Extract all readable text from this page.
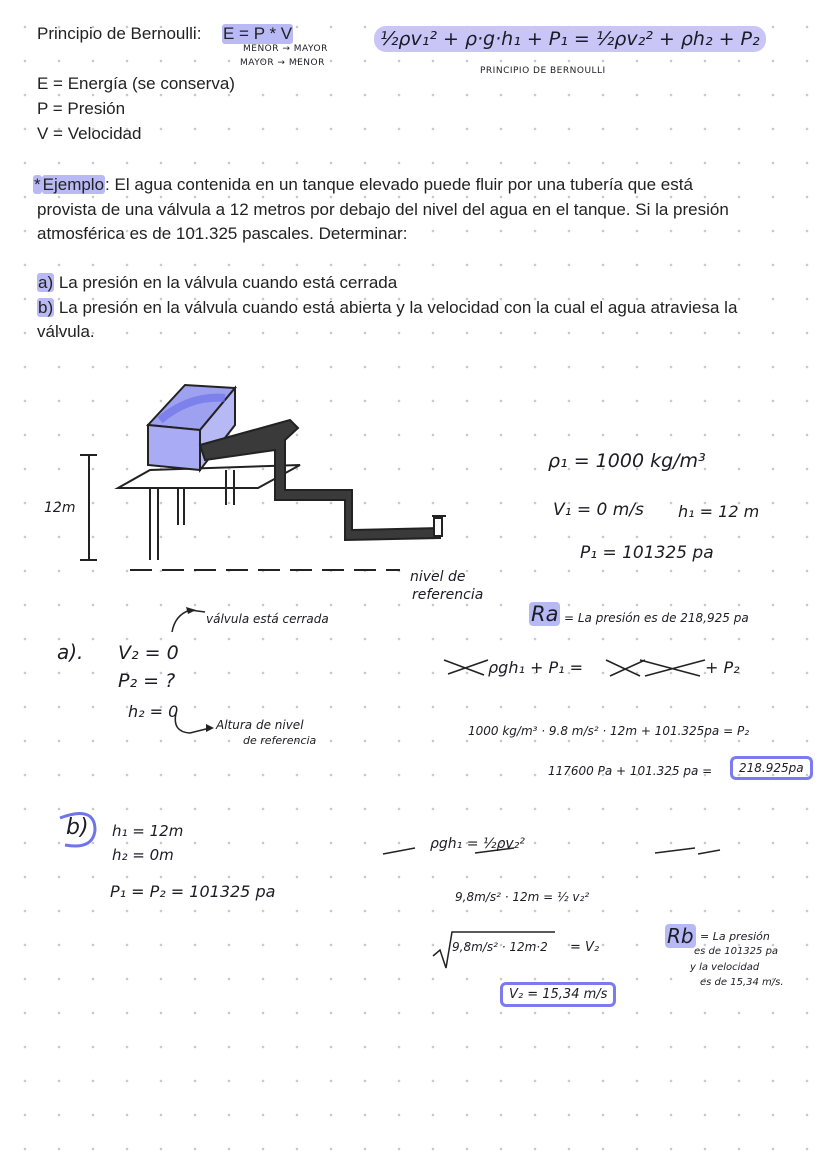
Principio de Bernoulli: E = P * V
MENOR → MAYOR
MAYOR → MENOR
½ρv₁² + ρ·g·h₁ + P₁ = ½ρv₂² + ρh₂ + P₂
PRINCIPIO DE BERNOULLI
E = Energía (se conserva)
P = Presión
V = Velocidad
* Ejemplo: El agua contenida en un tanque elevado puede fluir por una tubería que está
provista de una válvula a 12 metros por debajo del nivel del agua en el tanque. Si la presión
atmosférica es de 101.325 pascales. Determinar:
a) La presión en la válvula cuando está cerrada
b) La presión en la válvula cuando está abierta y la velocidad con la cual el agua atraviesa la
válvula.
12m
nivel de
referencia
ρ₁ = 1000 kg/m³
V₁ = 0 m/s h₁ = 12 m
P₁ = 101325 pa
válvula está cerrada
a). V₂ = 0
P₂ = ?
h₂ = 0
Altura de nivel
de referencia
Ra = La presión es de 218,925 pa
ρgh₁ + P₁ =	+ P₂
1000 kg/m³ · 9.8 m/s² · 12m + 101.325pa = P₂
117600 Pa + 101.325 pa =	218.925pa
b) h₁ = 12m
h₂ = 0m
P₁ = P₂ = 101325 pa
ρgh₁ = ½ρv₂²
9,8m/s² · 12m = ½ v₂²
9,8m/s² · 12m·2 = V₂
V₂ = 15,34 m/s
Rb = La presión
es de 101325 pa
y la velocidad
es de 15,34 m/s.
